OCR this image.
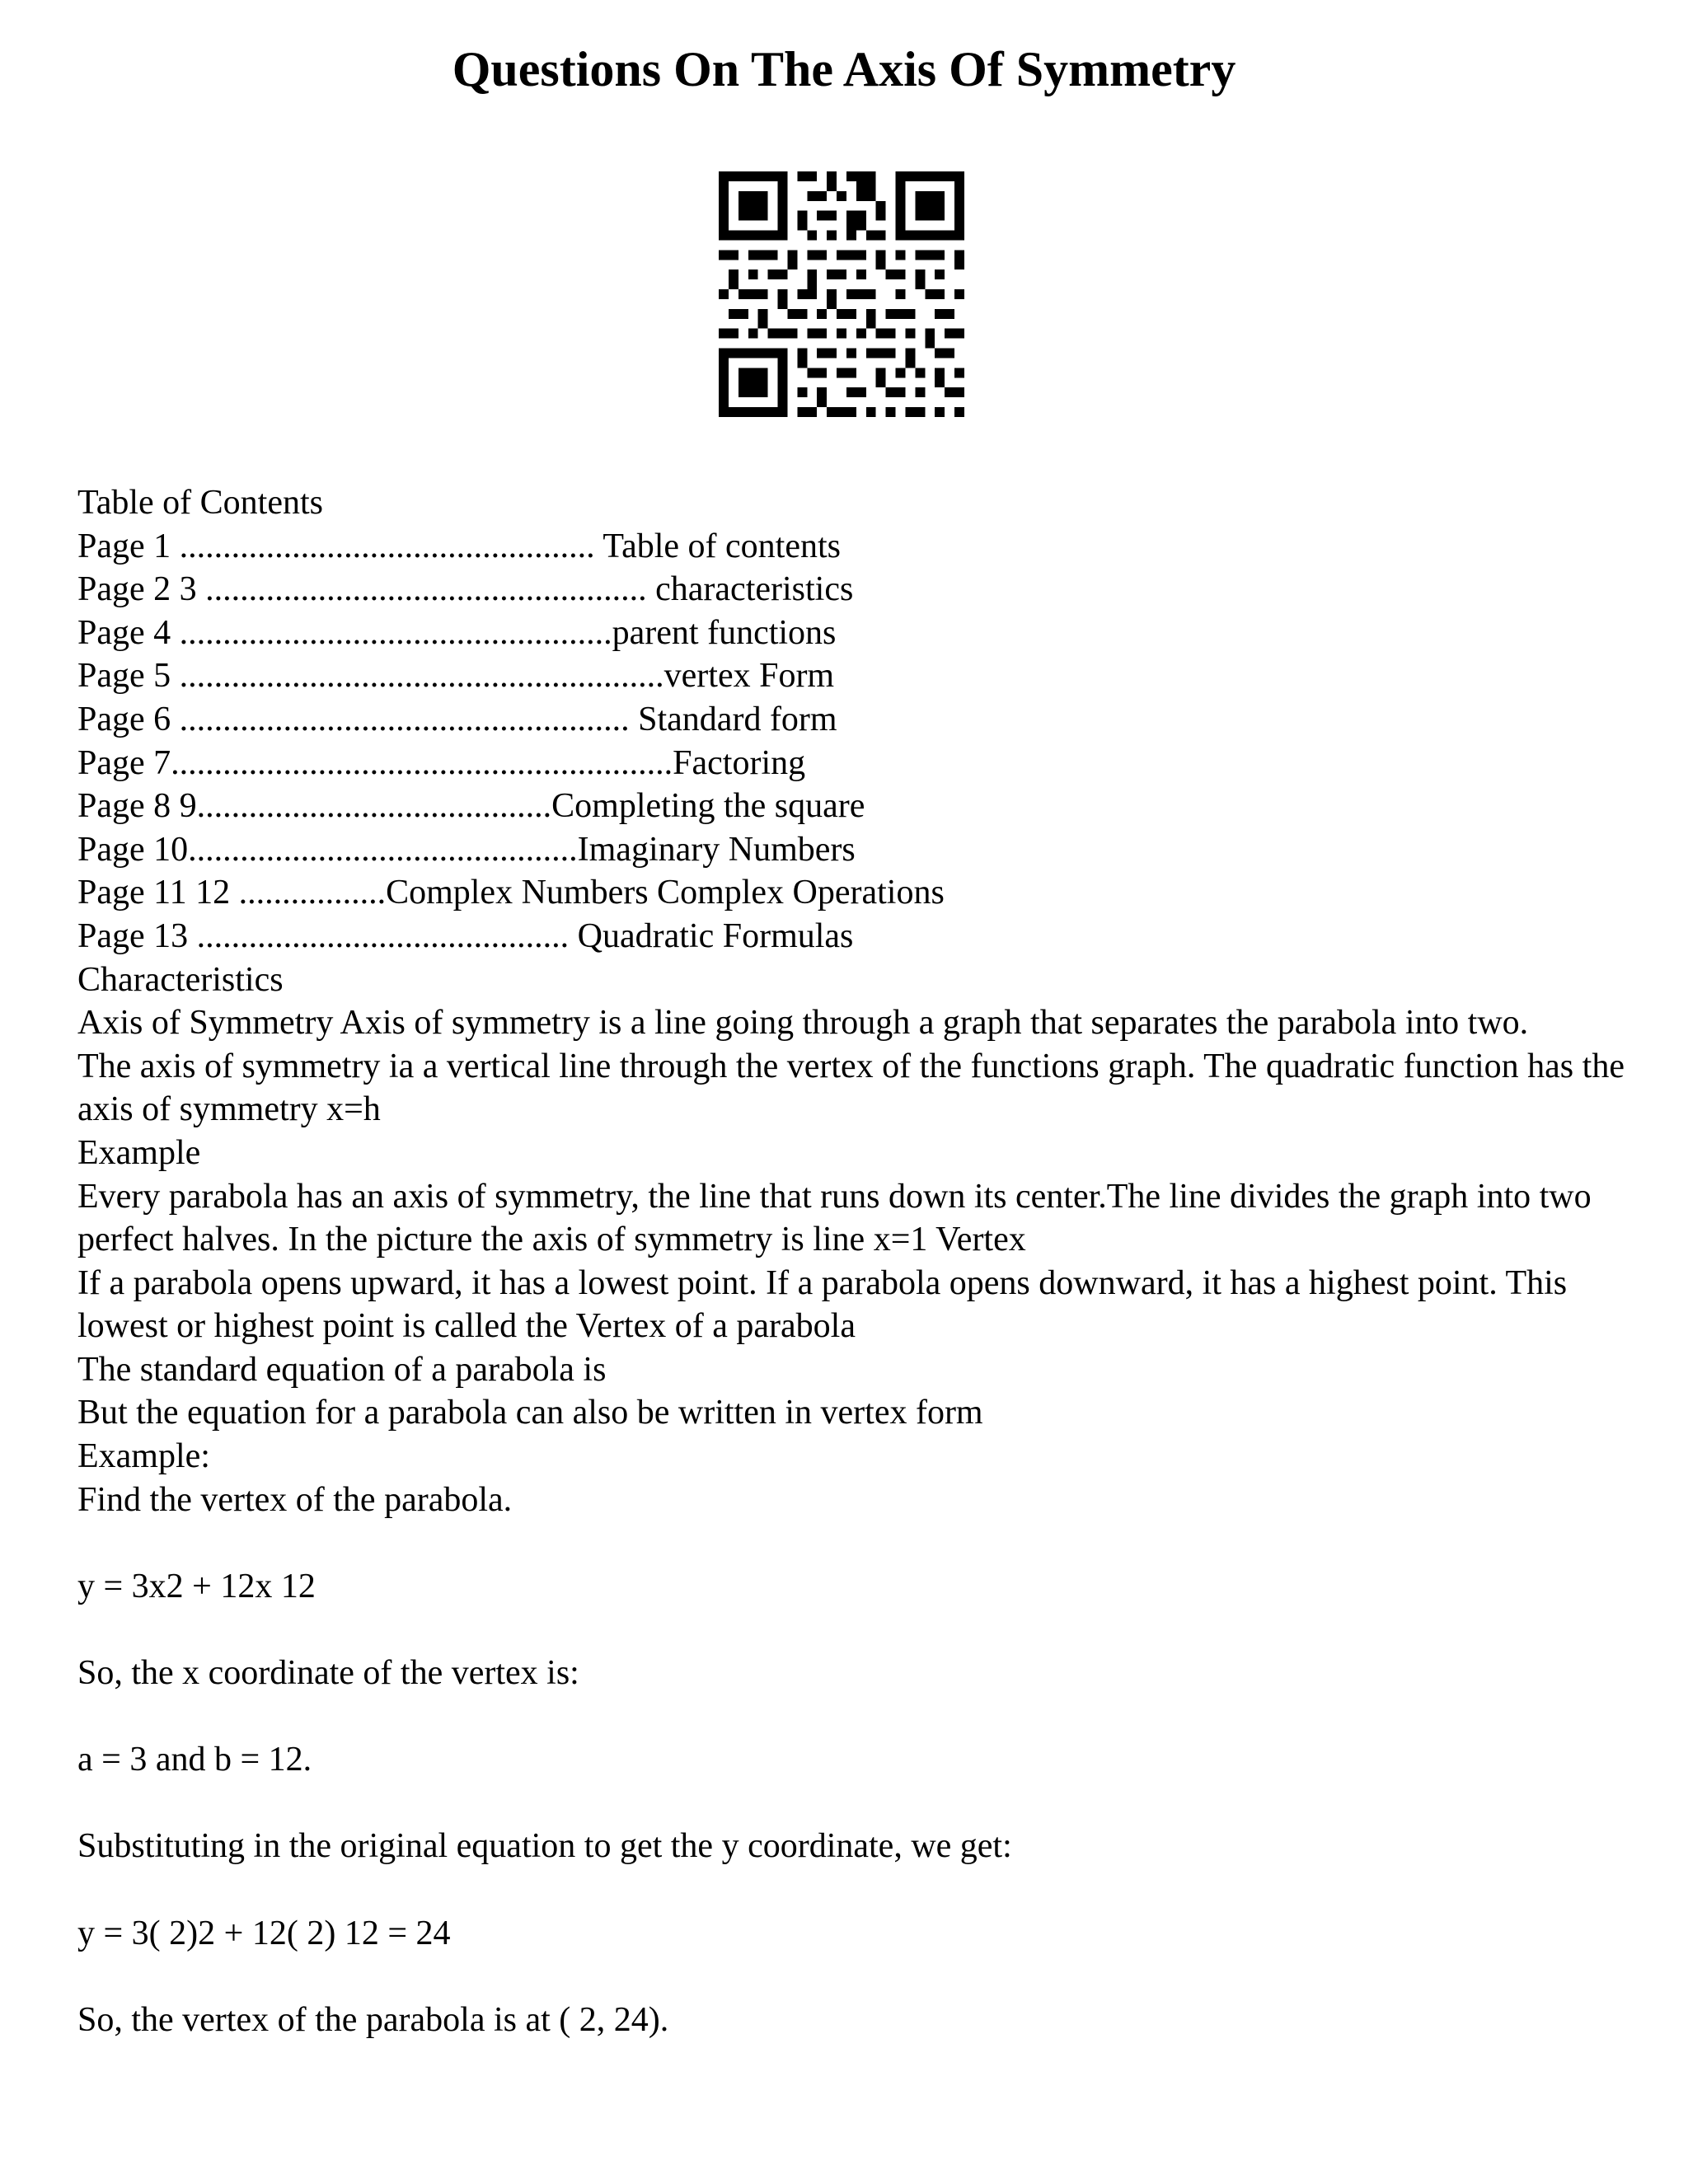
Questions On The Axis Of Symmetry
Table of Contents
Page 1 ................................................ Table of contents
Page 2 3 ................................................... characteristics
Page 4 ..................................................parent functions
Page 5 ........................................................vertex Form
Page 6 .................................................... Standard form
Page 7..........................................................Factoring
Page 8 9.........................................Completing the square
Page 10.............................................Imaginary Numbers
Page 11 12 .................Complex Numbers Complex Operations
Page 13 ........................................... Quadratic Formulas
Characteristics
Axis of Symmetry Axis of symmetry is a line going through a graph that separates the parabola into two.
The axis of symmetry ia a vertical line through the vertex of the functions graph. The quadratic function has the axis of symmetry x=h
Example
Every parabola has an axis of symmetry, the line that runs down its center.The line divides the graph into two perfect halves. In the picture the axis of symmetry is line x=1 Vertex
If a parabola opens upward, it has a lowest point. If a parabola opens downward, it has a highest point. This lowest or highest point is called the Vertex of a parabola
The standard equation of a parabola is
But the equation for a parabola can also be written in vertex form
Example:
Find the vertex of the parabola.
y = 3x2 + 12x 12
So, the x coordinate of the vertex is:
a = 3 and b = 12.
Substituting in the original equation to get the y coordinate, we get:
y = 3( 2)2 + 12( 2) 12 = 24
So, the vertex of the parabola is at ( 2, 24).
